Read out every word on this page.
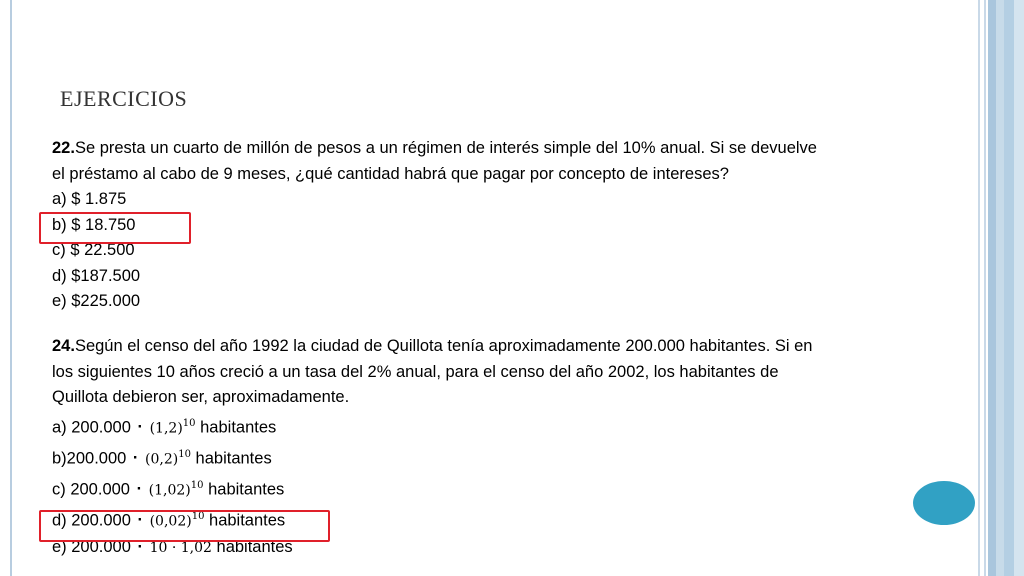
EJERCICIOS
22.Se presta un cuarto de millón de pesos a un régimen de interés simple del 10% anual. Si se devuelve
el préstamo al cabo de 9 meses, ¿qué cantidad habrá que pagar por concepto de intereses?
a) $ 1.875
b) $ 18.750
c) $ 22.500
d) $187.500
e) $225.000
24.Según el censo del año 1992 la ciudad de Quillota tenía aproximadamente 200.000 habitantes. Si en
los siguientes 10 años creció a un tasa del 2% anual, para el censo del año 2002, los habitantes de
Quillota debieron ser, aproximadamente.
a) $200.000 \cdot (1,2)^{10}$ habitantes
$b)200.000 \cdot (0,2)^{10}$ habitantes
c) $200.000 \cdot (1,02)^{10}$ habitantes
d) $200.000 \cdot (0,02)^{10}$ habitantes
e) 200.000 · 10 · 1,02 habitantes
